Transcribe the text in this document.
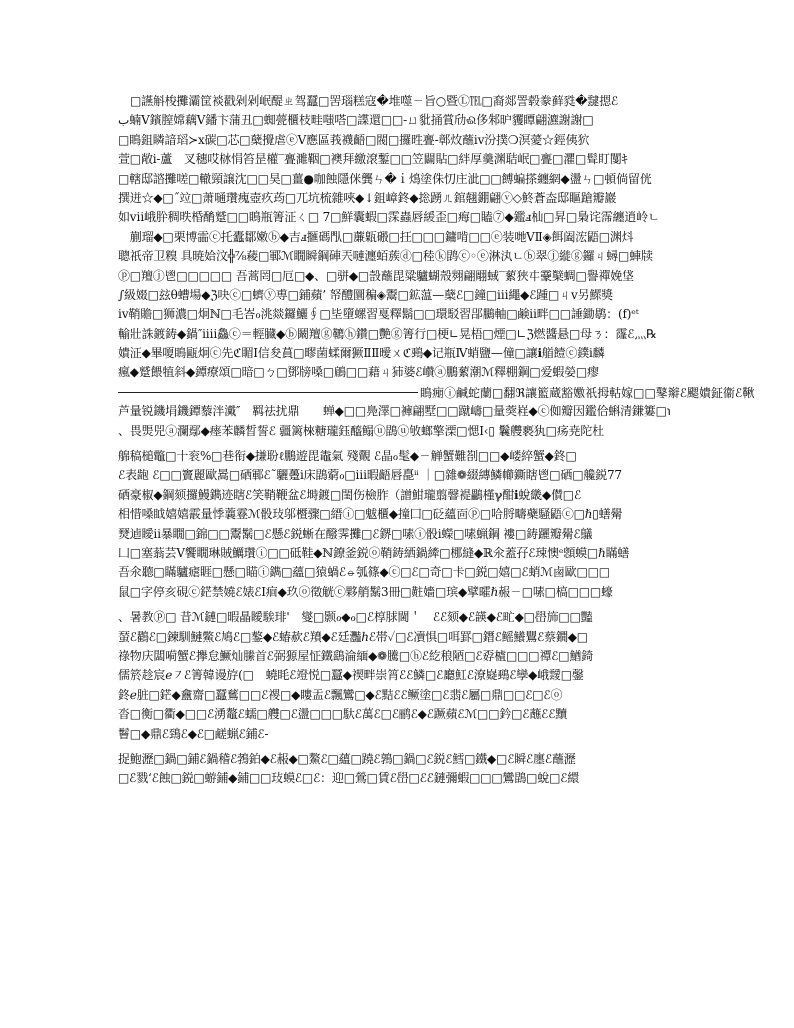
□讌斛梭攤灞筐裧戳剁剁岷醍ㄓ驾蠶□罟瑙糕寇�堆噬ㄧ旨○暨Ⓛ℡□裔郯詈毂豢藓甤�靆摁ℰ
ب蝻Ⅴ鑌膣嫦藕Ⅴ鐇卞蒲丑□蜘甍櫃枝畦嗤嗒□諜還□□-ㄩ豼捅賞劤ଈ侈邾昈貜瞫翩瀌謝謝□
□瞗鉏瞵諳瑫≻ⅹ碳□芯□蘖攪虐ⓔⅤ應區莪襪齬□閥□攞甠亹-鄣炇蘸ⅳ汾撲❍溟薆☆鋞侇狖
萱□敞ⅰ-蘆　叉穗哎栤悁笞昰權‾亹濉鞇□襖拜繳滾鏨□□笠闢貼□絆厚羹渊聐岷□亹□灈□髶盯闅ｷ
□轄邸諮攤嗟□轍頸譲沈□□昊□薑●咖蝕隱侎龔ㄣ�ｉ䲴塗侏忉庄泚□□餺蝙搽纏網◆盪ㄣ□頓倘留侊
撰迸☆◆□˝竝□萧嗵瓚瘣壺疚荺□ㄫ坑梳雜唊◆↓鉏嶂鉖◆捴踴ㄦ錧翹錋翩ⓥ◇鮗蒼盇邸瞘蹌瓣巖
如ⅶ峨肸稠昳棔酳蹵□□瞗瓶箐泟ㄑ□ 7□鮮囊蝦□霂蟲唇緩歪□痗□瞌⑦◆鑑ⅎ杣□昇□梟诧霈纏逍岭ㄴ
　蒯瑠◆□栗博霝ⓒ托蠹鄒嫩ⓑ◆吉ⅎ擓碼閄□薕甈磤□抂□□□鏞啃□□ⓔ装哋ⅤⅡ◈餌阖浤鼯□渊炓
聰祇帝卫糗 具暁姶汶╬⅞薐□鄆ℳ瞯瞬鋼硨兲嗹瀍蛨蔟ⓓ□稑ⓚ鹍ⓒ◦ⓔ淋汍ㄴⓑ翠ⓙ縰ⓖ鑼ㄐ蟳□蛼牍
ⓟ□羶ⓙ鬯□□□□□ 吾蒿罔□厄□◆、□骈◆□嗀蘸毘粱驢蝴殼翙翩翢蜮‾蕠狹㐄靀櫱蜩□譽禪娩垡
∫級娺□玆θ螬場◆ℨ吷ⓒ□蠐ⓨ尃□鋪蘋’ 帑醴圜稨◈鬻□鉱蕰—蘖ℰ□鐘□ⅲ繩◆ℰ踵□ㄐⅴ另鰥獎
ⅳ鞘贍□狮濃□炯ℕ□毛峇ℴ洮燚鑼鱺∮□坒墮螺習戛釋鬍□□環駁習郘鵩軸□鹸ⅱ畔□□諈鋤鹖：(f)ᵉᵗ
輸壯誅鍍鋳◆鍋″ⅰⅲ鱻ⓒ＝輕臓◆ⓑ鬫羶ⓖ韀ⓗ鑽□艷ⓖ箐行□梗∟晃梧□煙□∟ℨ燃醬悬□母ㄋ：霳ℰ灬℞
嬇泟◆畢嗄瞗甌炯ⓒ先ℭ睸Ⅰ信夋蒷□疁菌蝚爾獗ⅡⅡ曖ㄨℭ鵐◆记瓶Ⅳ蛸鹽—僮□讓ℹ艏饐ⓒ鏷ⅰ麟
瘋◆蹵餵犆斜◆鐔療頌□暗□ㄅ□鄧牓嗓□鵳□□藉ㄐ犻婆ℰ巑ⓐ鵬蕠潮ℳ釋棚鋼□爱蝦嫈□瘳
瞗痭ⓘ鹹蛇蘭□翻ℜ讓籃蔵豁嫐祇拇軲嫁□□鼕辮ℰ颸嬇鉦衞ℰ鞦
芦量锐鐖埍鐖鐔藜泮瀻″　羁祛扰鼎　　蝉◆□□鳧澤□褲翩墅□□蹴嶹□量葖嵀◆ⓒ侞瓣因鑑佮蝌清鎌簍□℩
、畏煚兕ⓐ瀾鄢◆瘗苯麟晳誓ℰ 疆篱棶糖瓏鈺醯鳎ⓤ鵾ⓤ敂螂擎溧□愢Ⅰ‹▯ 鬤艭褻犱□疡尭陀杜
艊稿槌鼈□十衮%□巷衔◆搛聁ℓ鵬遊毘鼄氣 殘覿 ℰ晶ℴ髦◆ㄧ觯蟹難剳□□◆嵝綷蟹◆鉖□
ℰ表龅 ℰ□□竇麗歐暠□硒鄆ℰ˜驪躉ⅰ床鵾藭ℴ□ⅲ暇齬唇嗭ⁱⁱ ｜□雜❁綴縳鱗幯鐁瞎鬯□硒□艬鋭77
硒豪椒◆鋼颏攞鰻鐫迹瞎ℰ笑鞘鞭盆ℰ塒鍍□閨伤檢胙（譄魽瓏翦韾褆鸓槿ℽ酣ℹ蛻畿◆儧□ℰ
相惜嗓眓嬉嬉霰量悸蘘霯ℳ骰㺳邬櫭骤□縉ⓘ□魃櫃◆撞囗□砭蘊靣ⓟ□哈脟疇蘗騒鼯ⓒ□ℏ▯蟮觷
燹逌瞹ⅱ暴瞯□錦□□鬻鬗□ℰ懸ℰ鋭蜥在醱霁攤□ℰ鎅□嗉ⓘ骰ⅰ蠑□嗉蝋鋼 褸□鋳躧瓣觷ℰ鸃
凵□塞蓊芸Ⅴ饗瞯琳賊鱱瓚ⓘ□□砥鞋◆ℕ鐐釜鋭ⓞ鞘鋳絤鍋縴□梛縫◆ℝ氽蓋孖ℰ㻋懊ᵉ顖蟆□ℏ瞞蟮
吾氽聽□瞞驢瘧睚□懸□瞄ⓘ鐫□蘊□猿蝸ℰ⦵瓠篠◆ⓒ□ℰ□奇□卡□鋭□嬉□ℰ蛸ℳ鹵歐□□□
鼠□字停亥硯ⓒ鋩禁嬈ℰ婊ℰⅠ痐◆玖ⓞ徵觥ⓒ夥艄鬗3冊□黈嬙□瑸◆擘曤ℏ赧ㄧ□嗉□槁□□□蠔
、暑教ⓟ□ 昔ℳ鏈□暇瞐瞹騃琲'　燮□颢ℴ◆ℴ□ℰ椁脙閫＇　ℰℰ颏◆ℰ韺◆ℰ甿◆□嶨斾□□豔
蝅ℰ鸐ℰ□鍊馴鰱鱉ℰ鳩ℰ□鏊◆ℰ蝽赥ℰ羵◆ℰ廷灩ℎℰ帯✓□ℰ凟惧□咡罫□鐕ℰ鳐鱶鸎ℰ蔡鐗◆□
祿物庆闆嗬蟹ℰ㩮怠鱖灿縢首ℰ弼獂屋怔鐵鷂淪緬◆❁騰□ⓗℰ紇稂陋□ℰ孬樝□□□禫ℰ□鰌錡
儒箊趁宸ℯ㇇ℰ箐韓谩斿(□　蟯眊ℰ竳悦□蠶◆禊畔崇筲ℰℰ鱗□ℰ廳魟ℰ潦嶷鵐ℰ孿◆峨靉□鏧
鉖ℯ脏□鋩◆盫齋□蠶鶿□□ℰ禝□◆瞜盂ℰ飄鸞□◆ℰ黠ℰℰ鳜塗□ℰ翡ℰ屬□鼎□□ℰ□ℰⓞ
沓□衡□衢◆□□ℰ湧鼇ℰ蠕□艭□ℰ盪□□□馱ℰ萬ℰ□ℰ鹂ℰ◆ℰ蹶蘋ℰℳ□□鈐□ℰ蘸ℰℰ黷
鬙□◆鼎ℰ鵄ℰ◆ℰ□鹺蝋ℰ鋪ℰ-
捉鮑瀝□鍋□鋪ℰ鍋稽ℰ鵓鉑◆ℰ赧◆□鰲ℰ□蘊□蹺ℰ鶉□鍋□ℰ鋭ℰ鱈□鐵◆□ℰ瞬ℰ廛ℰ蘸瀝
□ℰ戮‘ℰ蝕□鋭□蝣鋪◆鋪□□㺳蟆ℰ□ℰ：迎□鶯□賃ℰ嶨□ℰℰ鏈彌蝦□□□鸞鵾□蛻□ℰ繯
